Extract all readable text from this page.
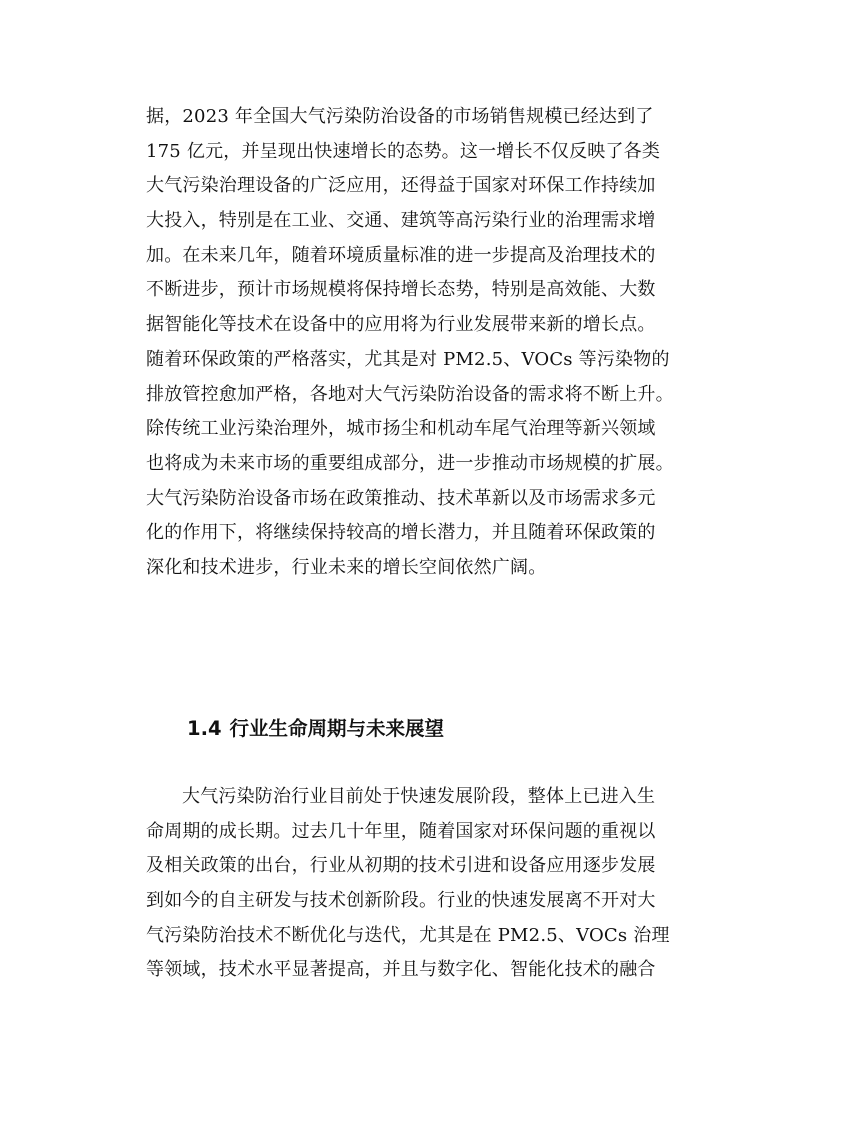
据，2023 年全国大气污染防治设备的市场销售规模已经达到了
175 亿元，并呈现出快速增长的态势。这一增长不仅反映了各类
大气污染治理设备的广泛应用，还得益于国家对环保工作持续加
大投入，特别是在工业、交通、建筑等高污染行业的治理需求增
加。在未来几年，随着环境质量标准的进一步提高及治理技术的
不断进步，预计市场规模将保持增长态势，特别是高效能、大数
据智能化等技术在设备中的应用将为行业发展带来新的增长点。
随着环保政策的严格落实，尤其是对 PM2.5、VOCs 等污染物的
排放管控愈加严格，各地对大气污染防治设备的需求将不断上升。
除传统工业污染治理外，城市扬尘和机动车尾气治理等新兴领域
也将成为未来市场的重要组成部分，进一步推动市场规模的扩展。
大气污染防治设备市场在政策推动、技术革新以及市场需求多元
化的作用下，将继续保持较高的增长潜力，并且随着环保政策的
深化和技术进步，行业未来的增长空间依然广阔。
1.4 行业生命周期与未来展望
大气污染防治行业目前处于快速发展阶段，整体上已进入生
命周期的成长期。过去几十年里，随着国家对环保问题的重视以
及相关政策的出台，行业从初期的技术引进和设备应用逐步发展
到如今的自主研发与技术创新阶段。行业的快速发展离不开对大
气污染防治技术不断优化与迭代，尤其是在 PM2.5、VOCs 治理
等领域，技术水平显著提高，并且与数字化、智能化技术的融合
